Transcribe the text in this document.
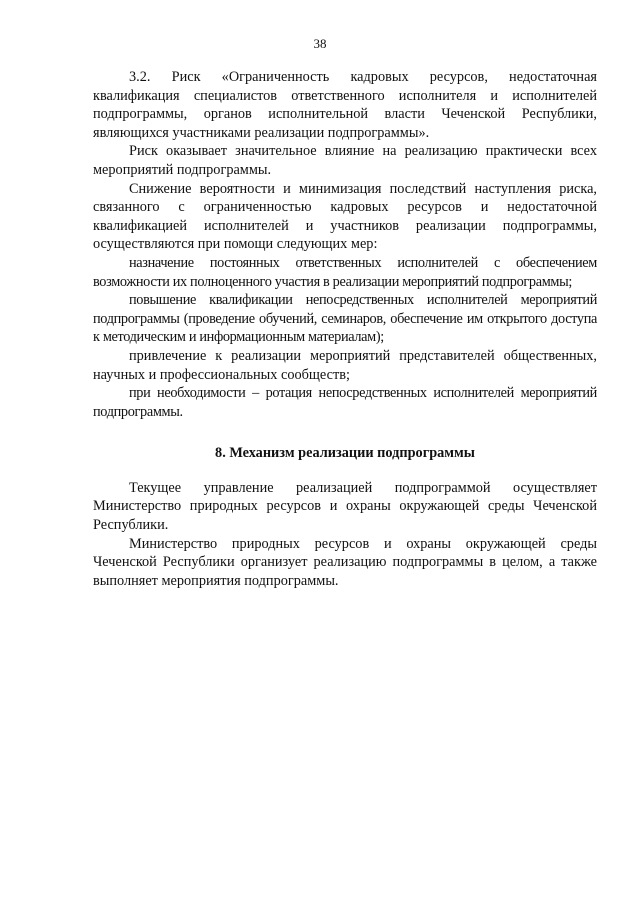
38

3.2. Риск «Ограниченность кадровых ресурсов, недостаточная квалификация специалистов ответственного исполнителя и исполнителей подпрограммы, органов исполнительной власти Чеченской Республики, являющихся участниками реализации подпрограммы».

Риск оказывает значительное влияние на реализацию практически всех мероприятий подпрограммы.

Снижение вероятности и минимизация последствий наступления риска, связанного с ограниченностью кадровых ресурсов и недостаточной квалификацией исполнителей и участников реализации подпрограммы, осуществляются при помощи следующих мер:

назначение постоянных ответственных исполнителей с обеспечением возможности их полноценного участия в реализации мероприятий подпрограммы;

повышение квалификации непосредственных исполнителей мероприятий подпрограммы (проведение обучений, семинаров, обеспечение им открытого доступа к методическим и информационным материалам);

привлечение к реализации мероприятий представителей общественных, научных и профессиональных сообществ;

при необходимости – ротация непосредственных исполнителей мероприятий подпрограммы.

8. Механизм реализации подпрограммы

Текущее управление реализацией подпрограммой осуществляет Министерство природных ресурсов и охраны окружающей среды Чеченской Республики.

Министерство природных ресурсов и охраны окружающей среды Чеченской Республики организует реализацию подпрограммы в целом, а также выполняет мероприятия подпрограммы.
